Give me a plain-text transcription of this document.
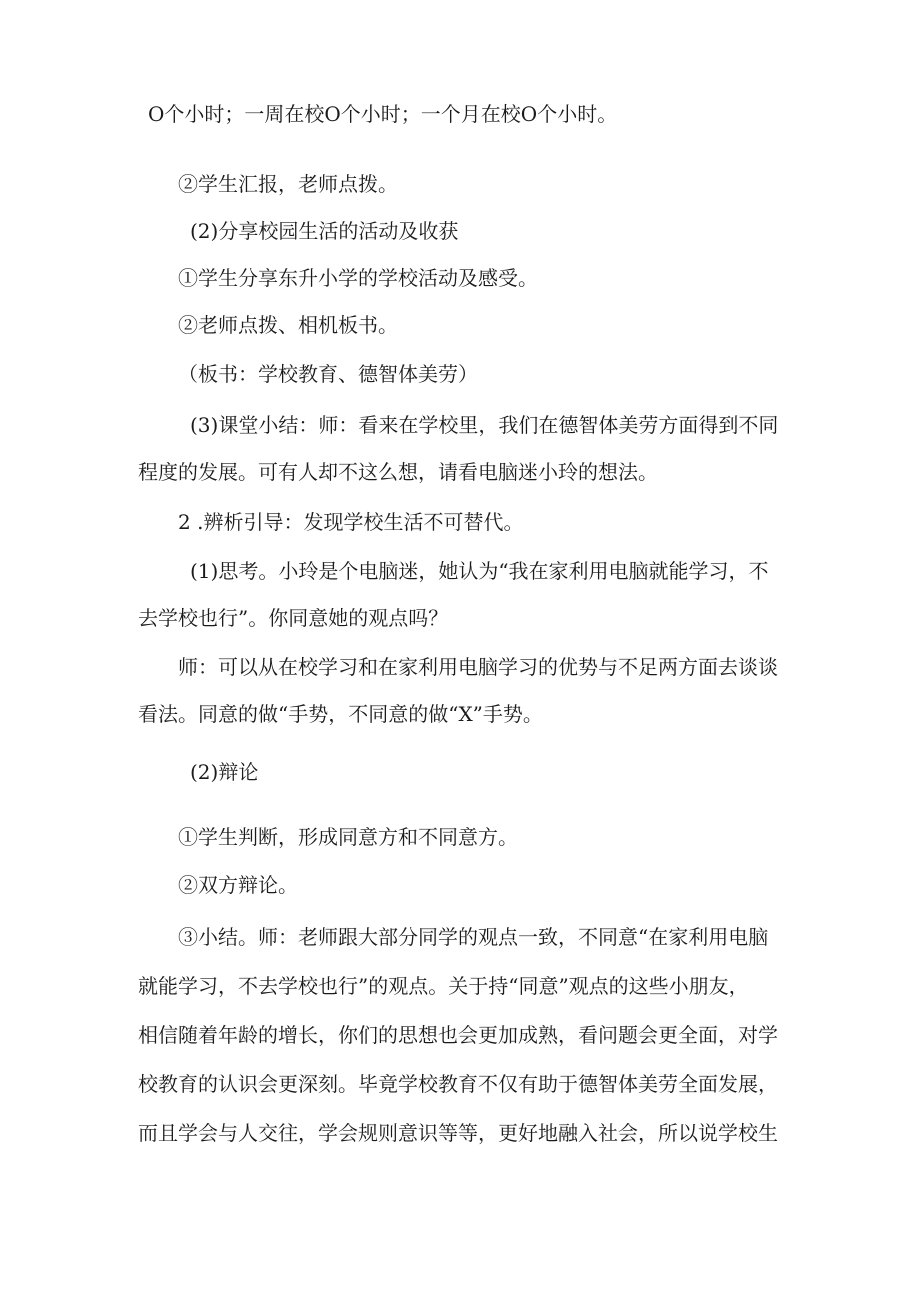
O个小时；一周在校O个小时；一个月在校O个小时。
②学生汇报，老师点拨。
(2)分享校园生活的活动及收获
①学生分享东升小学的学校活动及感受。
②老师点拨、相机板书。
（板书：学校教育、德智体美劳）
(3)课堂小结：师：看来在学校里，我们在德智体美劳方面得到不同
程度的发展。可有人却不这么想，请看电脑迷小玲的想法。
2 .辨析引导：发现学校生活不可替代。
(1)思考。小玲是个电脑迷，她认为“我在家利用电脑就能学习，不
去学校也行”。你同意她的观点吗？
师：可以从在校学习和在家利用电脑学习的优势与不足两方面去谈谈
看法。同意的做“手势，不同意的做“X”手势。
(2)辩论
①学生判断，形成同意方和不同意方。
②双方辩论。
③小结。师：老师跟大部分同学的观点一致，不同意“在家利用电脑
就能学习，不去学校也行”的观点。关于持“同意”观点的这些小朋友，
相信随着年龄的增长，你们的思想也会更加成熟，看问题会更全面，对学
校教育的认识会更深刻。毕竟学校教育不仅有助于德智体美劳全面发展，
而且学会与人交往，学会规则意识等等，更好地融入社会，所以说学校生
